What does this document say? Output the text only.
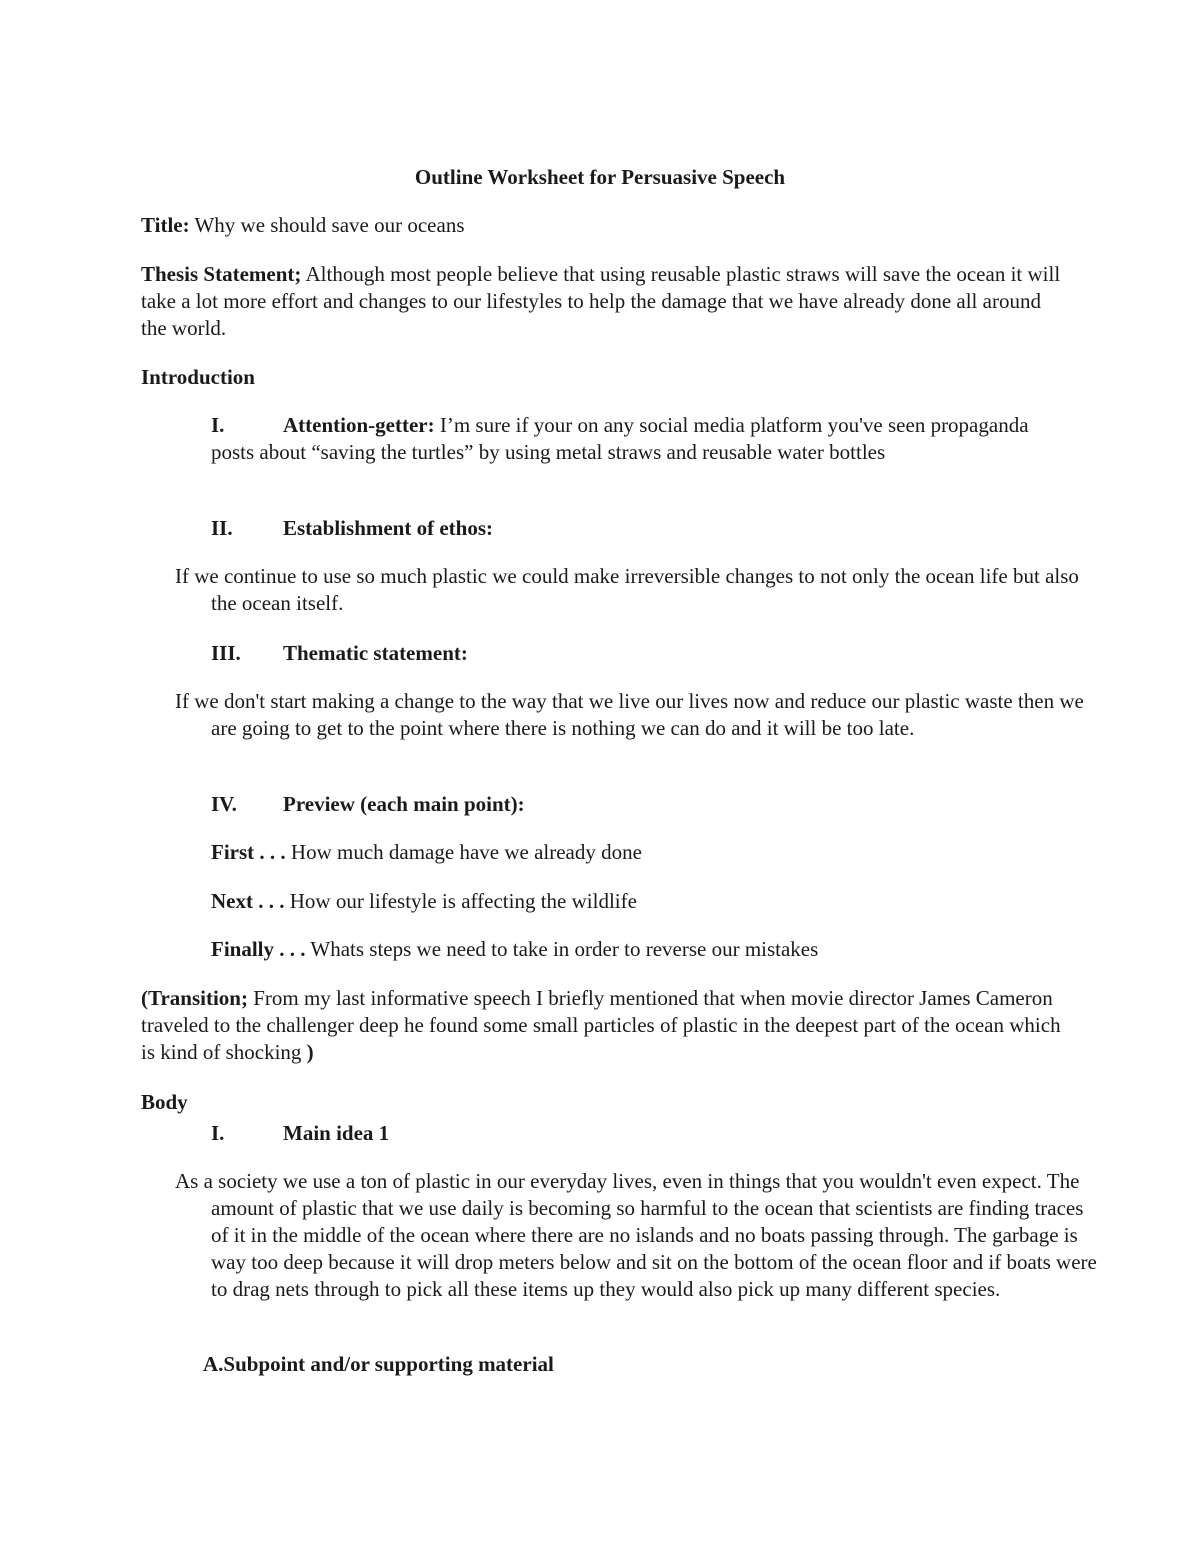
Outline Worksheet for Persuasive Speech

Title: Why we should save our oceans

Thesis Statement; Although most people believe that using reusable plastic straws will save the ocean it will take a lot more effort and changes to our lifestyles to help the damage that we have already done all around the world.

Introduction

I.	Attention-getter: I’m sure if your on any social media platform you've seen propaganda posts about “saving the turtles” by using metal straws and reusable water bottles

II. Establishment of ethos:

If we continue to use so much plastic we could make irreversible changes to not only the ocean life but also the ocean itself.

III. Thematic statement:

If we don't start making a change to the way that we live our lives now and reduce our plastic waste then we are going to get to the point where there is nothing we can do and it will be too late.

IV. Preview (each main point):

First . . . How much damage have we already done

Next . . . How our lifestyle is affecting the wildlife

Finally . . . Whats steps we need to take in order to reverse our mistakes

(Transition; From my last informative speech I briefly mentioned that when movie director James Cameron traveled to the challenger deep he found some small particles of plastic in the deepest part of the ocean which is kind of shocking )

Body

I.	Main idea 1

As a society we use a ton of plastic in our everyday lives, even in things that you wouldn't even expect. The amount of plastic that we use daily is becoming so harmful to the ocean that scientists are finding traces of it in the middle of the ocean where there are no islands and no boats passing through. The garbage is way too deep because it will drop meters below and sit on the bottom of the ocean floor and if boats were to drag nets through to pick all these items up they would also pick up many different species.

A.Subpoint and/or supporting material
